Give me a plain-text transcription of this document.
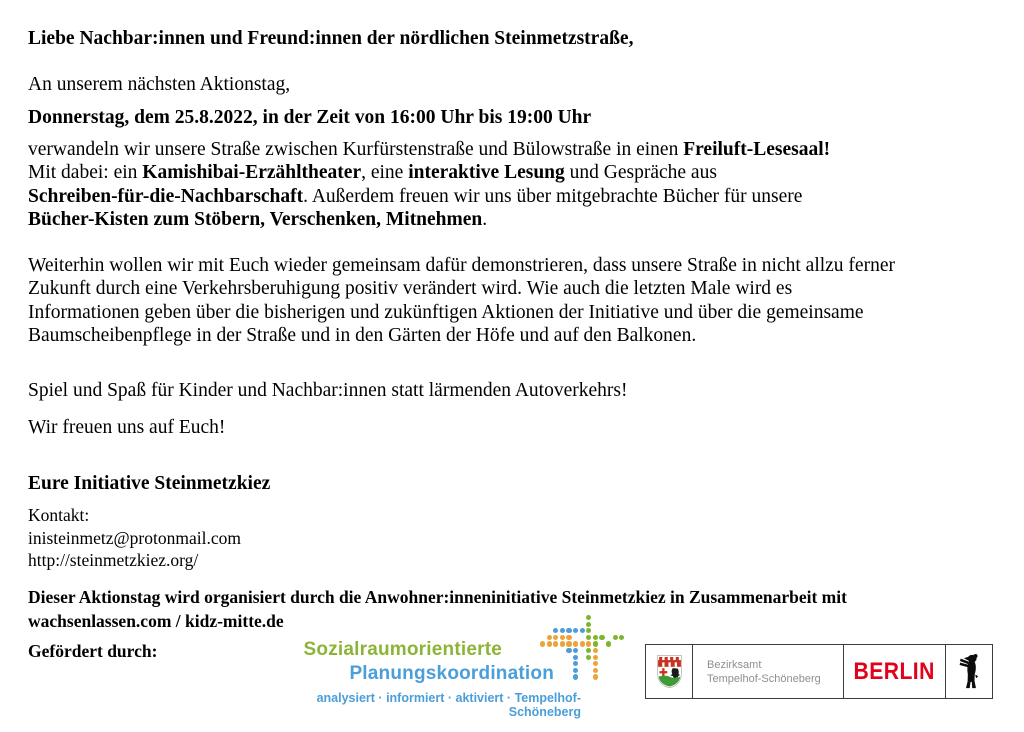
Liebe Nachbar:innen und Freund:innen der nördlichen Steinmetzstraße,

An unserem nächsten Aktionstag,

Donnerstag, dem 25.8.2022, in der Zeit von 16:00 Uhr bis 19:00 Uhr

verwandeln wir unsere Straße zwischen Kurfürstenstraße und Bülowstraße in einen Freiluft-Lesesaal!
Mit dabei: ein Kamishibai-Erzähltheater, eine interaktive Lesung und Gespräche aus
Schreiben-für-die-Nachbarschaft. Außerdem freuen wir uns über mitgebrachte Bücher für unsere
Bücher-Kisten zum Stöbern, Verschenken, Mitnehmen.

Weiterhin wollen wir mit Euch wieder gemeinsam dafür demonstrieren, dass unsere Straße in nicht allzu ferner
Zukunft durch eine Verkehrsberuhigung positiv verändert wird. Wie auch die letzten Male wird es
Informationen geben über die bisherigen und zukünftigen Aktionen der Initiative und über die gemeinsame
Baumscheibenpflege in der Straße und in den Gärten der Höfe und auf den Balkonen.

Spiel und Spaß für Kinder und Nachbar:innen statt lärmenden Autoverkehrs!

Wir freuen uns auf Euch!

Eure Initiative Steinmetzkiez

Kontakt:
inisteinmetz@protonmail.com
http://steinmetzkiez.org/

Dieser Aktionstag wird organisiert durch die Anwohner:inneninitiative Steinmetzkiez in Zusammenarbeit mit
wachsenlassen.com / kidz-mitte.de

Gefördert durch:	Sozialraumorientierte
Planungskoordination
analysiert · informiert · aktiviert · Tempelhof-Schöneberg
Bezirksamt
Tempelhof-Schöneberg BERLIN
